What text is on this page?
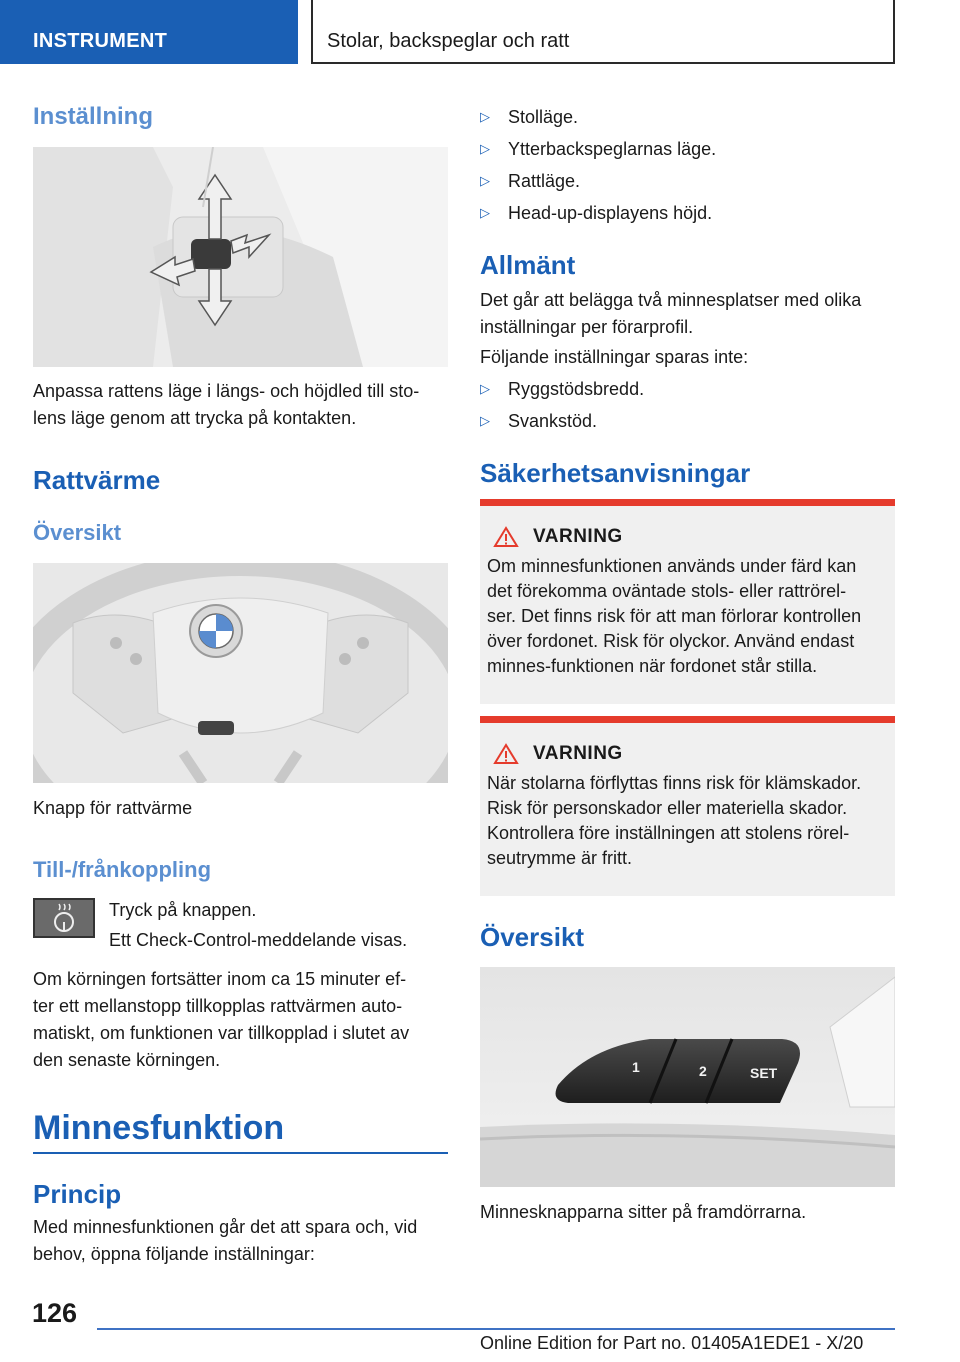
INSTRUMENT	Stolar, backspeglar och ratt
Inställning
Anpassa rattens läge i längs- och höjdled till sto-
lens läge genom att trycka på kontakten.
Rattvärme
Översikt
Knapp för rattvärme
Till-/frånkoppling
Tryck på knappen.
Ett Check-Control-meddelande visas.
Om körningen fortsätter inom ca 15 minuter ef-
ter ett mellanstopp tillkopplas rattvärmen auto-
matiskt, om funktionen var tillkopplad i slutet av
den senaste körningen.
Minnesfunktion
Princip
Med minnesfunktionen går det att spara och, vid
behov, öppna följande inställningar:
▷	Stolläge.
▷	Ytterbackspeglarnas läge.
▷	Rattläge.
▷	Head-up-displayens höjd.
Allmänt
Det går att belägga två minnesplatser med olika
inställningar per förarprofil.
Följande inställningar sparas inte:
▷	Ryggstödsbredd.
▷	Svankstöd.
Säkerhetsanvisningar
VARNING
Om minnesfunktionen används under färd kan
det förekomma oväntade stols- eller rattrörel-
ser. Det finns risk för att man förlorar kontrollen
över fordonet. Risk för olyckor. Använd endast
minnes-funktionen när fordonet står stilla.
VARNING
När stolarna förflyttas finns risk för klämskador.
Risk för personskador eller materiella skador.
Kontrollera före inställningen att stolens rörel-
seutrymme är fritt.
Översikt
1	2	SET
Minnesknapparna sitter på framdörrarna.
126
Online Edition for Part no. 01405A1EDE1 - X/20
